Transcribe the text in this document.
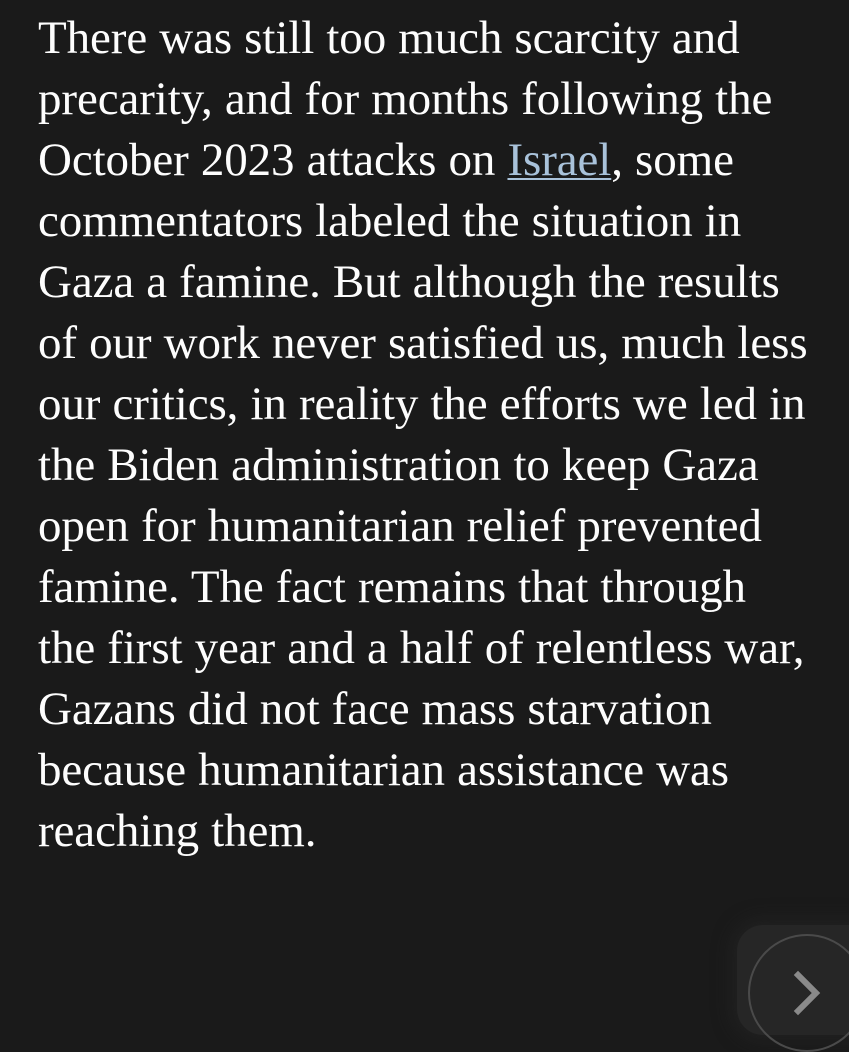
There was still too much scarcity and precarity, and for months following the October 2023 attacks on Israel, some commentators labeled the situation in Gaza a famine. But although the results of our work never satisfied us, much less our critics, in reality the efforts we led in the Biden administration to keep Gaza open for humanitarian relief prevented famine. The fact remains that through the first year and a half of relentless war, Gazans did not face mass starvation because humanitarian assistance was reaching them.
